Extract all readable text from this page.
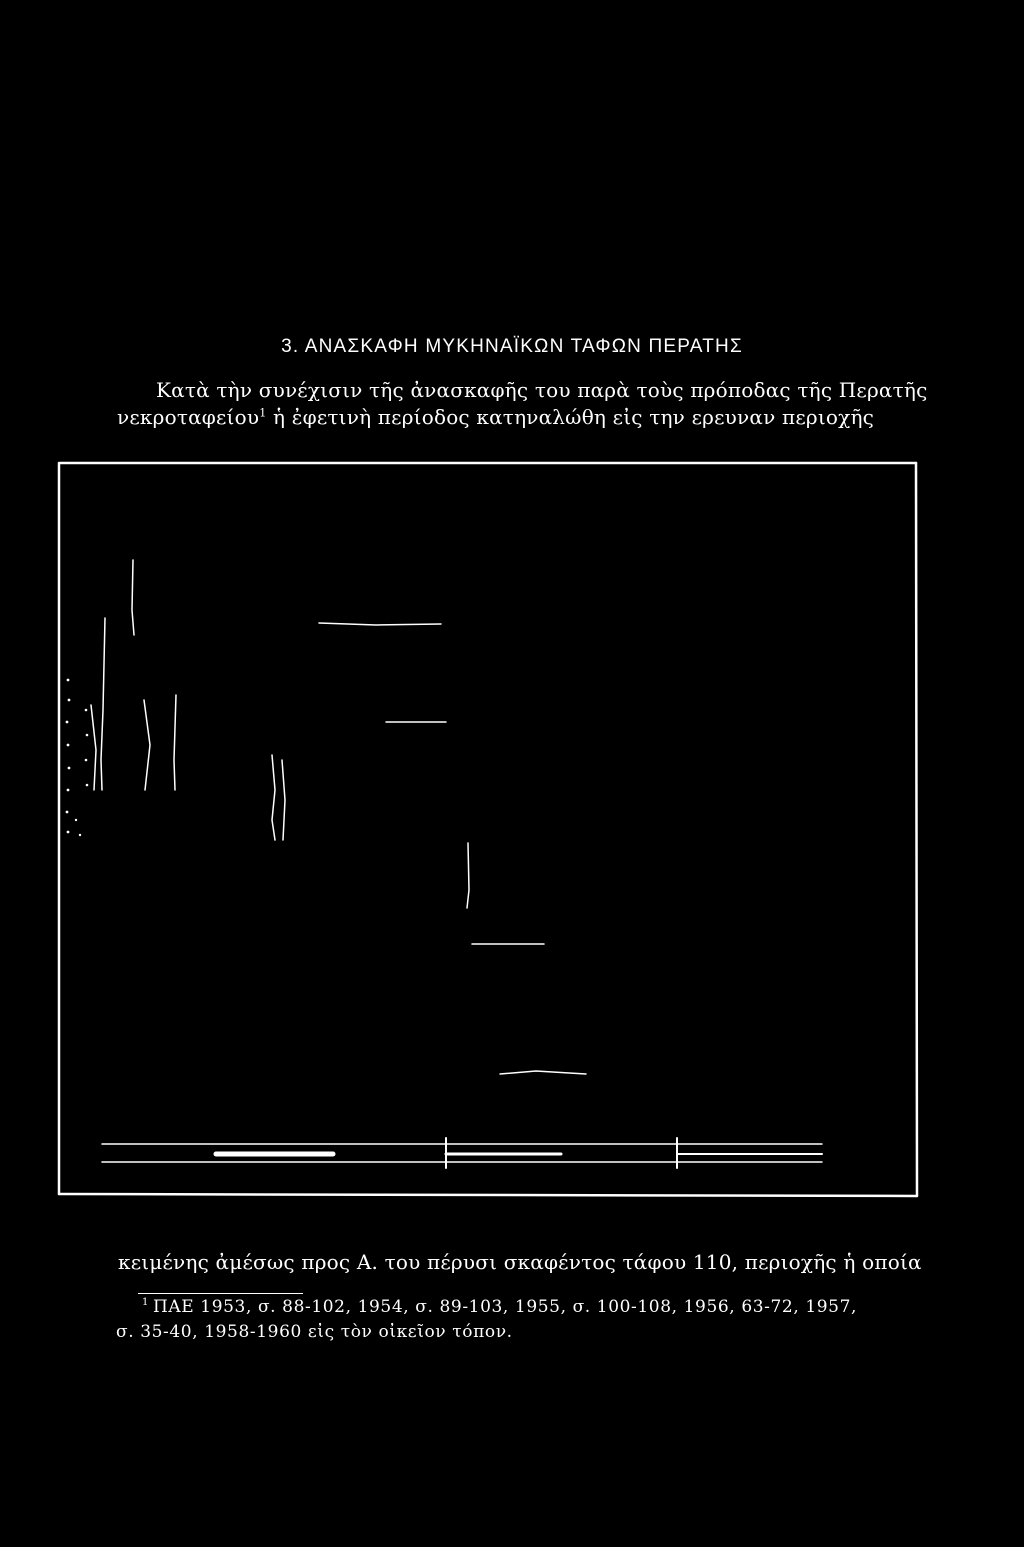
3. ΑΝΑΣΚΑΦΗ ΜΥΚΗΝΑΪΚΩΝ ΤΑΦΩΝ ΠΕΡΑΤΗΣ
Κατὰ τὴν συνέχισιν τῆς ἀνασκαφῆς του παρὰ τοὺς πρόποδας τῆς Περατῆς
νεκροταφείου$^1$ ἡ ἐφετινὴ περίοδος κατηναλώθη εἰς την ερευναν περιοχῆς
κειμένης ἀμέσως προς Α. του πέρυσι σκαφέντος τάφου 110, περιοχῆς ἡ οποία
$^1$ ΠΑΕ 1953, σ. 88-102, 1954, σ. 89-103, 1955, σ. 100-108, 1956, 63-72, 1957,
σ. 35-40, 1958-1960 εἰς τὸν οἰκεῖον τόπον.
